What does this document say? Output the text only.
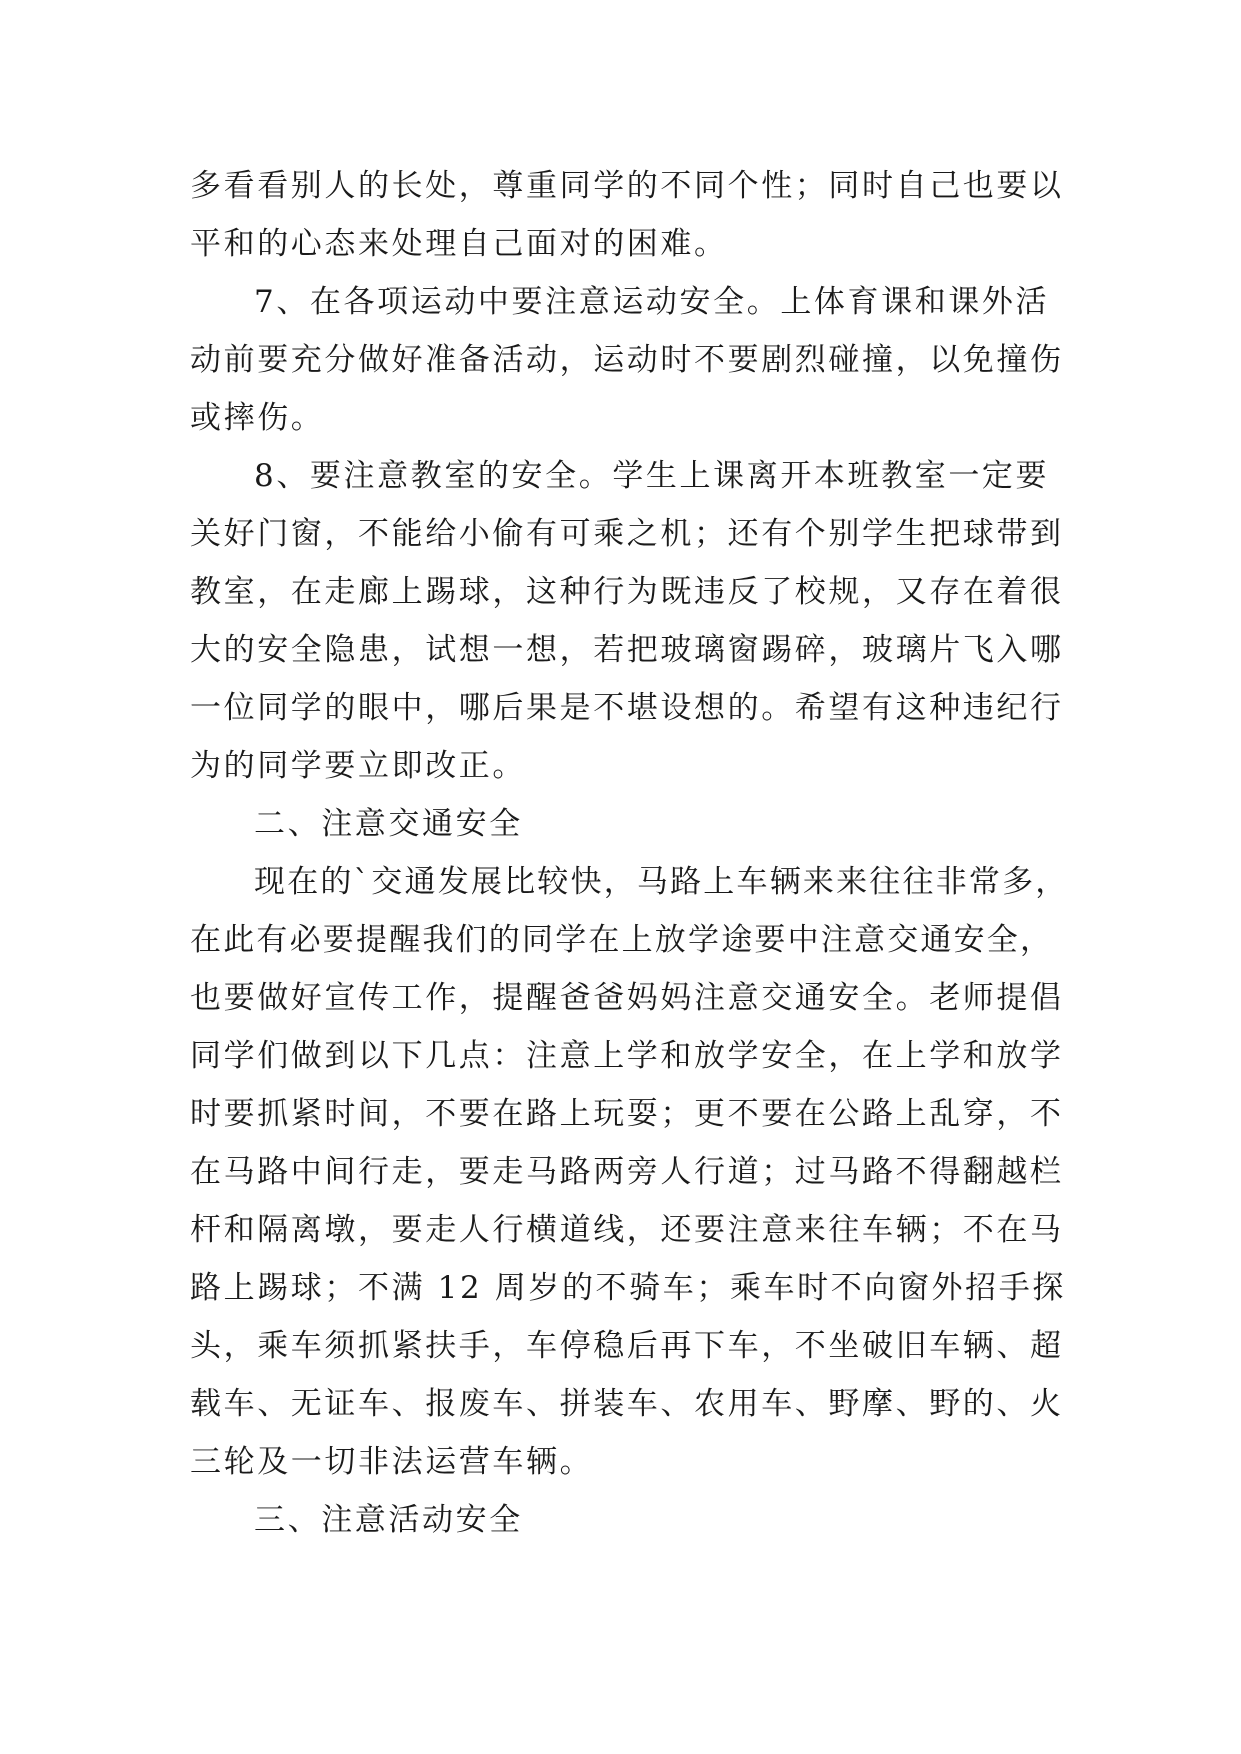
多看看别人的长处，尊重同学的不同个性；同时自己也要以
平和的心态来处理自己面对的困难。
7、在各项运动中要注意运动安全。上体育课和课外活
动前要充分做好准备活动，运动时不要剧烈碰撞，以免撞伤
或摔伤。
8、要注意教室的安全。学生上课离开本班教室一定要
关好门窗，不能给小偷有可乘之机；还有个别学生把球带到
教室，在走廊上踢球，这种行为既违反了校规，又存在着很
大的安全隐患，试想一想，若把玻璃窗踢碎，玻璃片飞入哪
一位同学的眼中，哪后果是不堪设想的。希望有这种违纪行
为的同学要立即改正。
二、注意交通安全
现在的`交通发展比较快，马路上车辆来来往往非常多，
在此有必要提醒我们的同学在上放学途要中注意交通安全，
也要做好宣传工作，提醒爸爸妈妈注意交通安全。老师提倡
同学们做到以下几点：注意上学和放学安全，在上学和放学
时要抓紧时间，不要在路上玩耍；更不要在公路上乱穿，不
在马路中间行走，要走马路两旁人行道；过马路不得翻越栏
杆和隔离墩，要走人行横道线，还要注意来往车辆；不在马
路上踢球；不满 12 周岁的不骑车；乘车时不向窗外招手探
头，乘车须抓紧扶手，车停稳后再下车，不坐破旧车辆、超
载车、无证车、报废车、拼装车、农用车、野摩、野的、火
三轮及一切非法运营车辆。
三、注意活动安全
